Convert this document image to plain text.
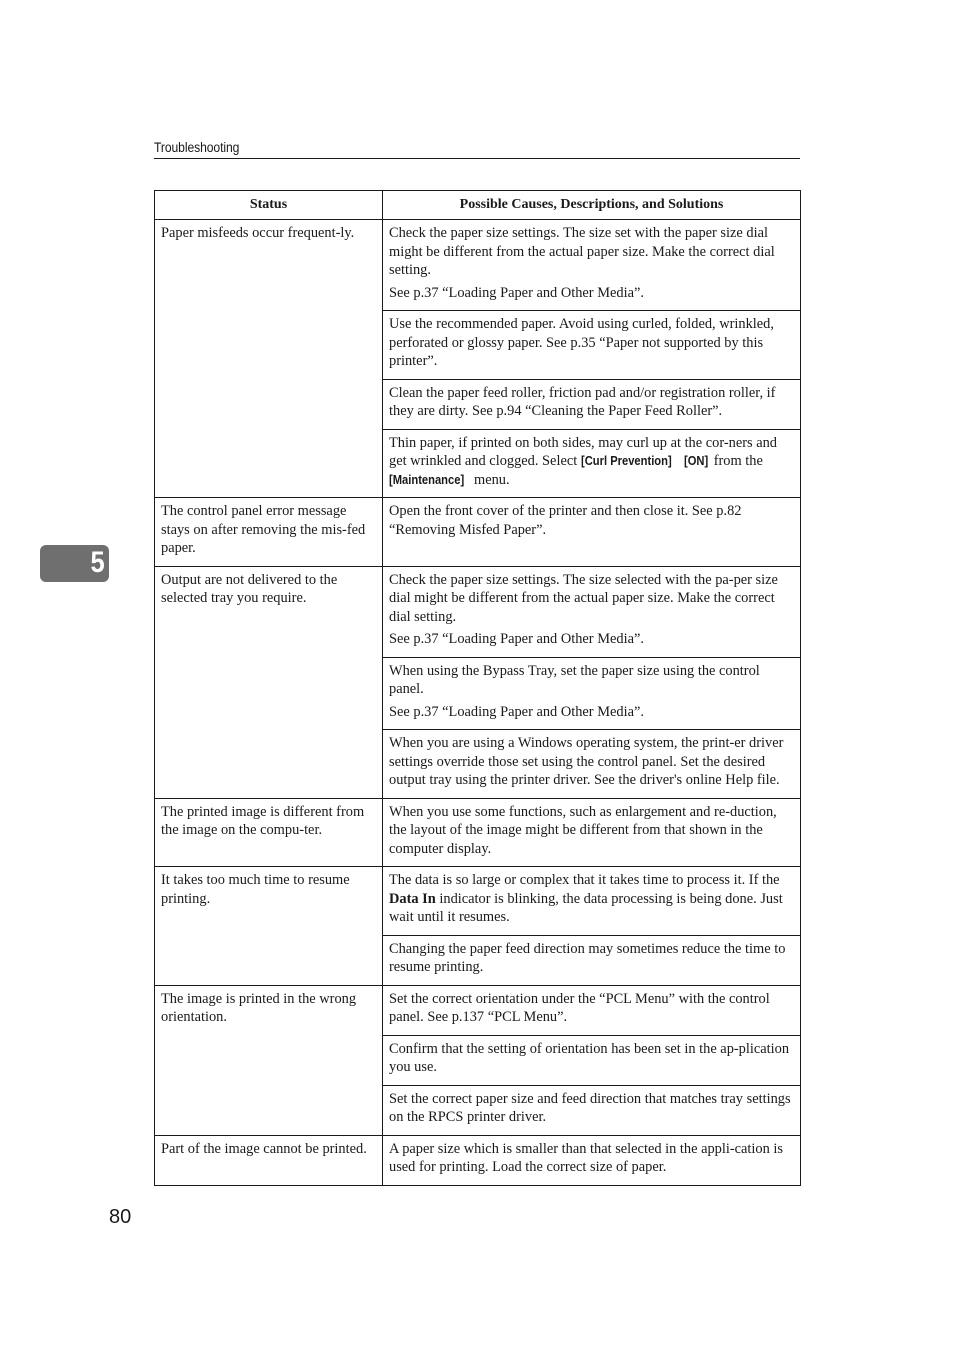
Troubleshooting
5
Status	Possible Causes, Descriptions, and Solutions

Paper misfeeds occur frequent-ly.	Check the paper size settings. The size set with the paper size dial might be different from the actual paper size. Make the correct dial setting.

See p.37 “Loading Paper and Other Media”.

	Use the recommended paper. Avoid using curled, folded, wrinkled, perforated or glossy paper. See p.35 “Paper not supported by this printer”.

	Clean the paper feed roller, friction pad and/or registration roller, if they are dirty. See p.94 “Cleaning the Paper Feed Roller”.

	Thin paper, if printed on both sides, may curl up at the cor-ners and get wrinkled and clogged. Select [Curl Prevention] [ON] from the [Maintenance] menu.

The control panel error message stays on after removing the mis-fed paper.	Open the front cover of the printer and then close it. See p.82 “Removing Misfed Paper”.

Output are not delivered to the selected tray you require.	Check the paper size settings. The size selected with the pa-per size dial might be different from the actual paper size. Make the correct dial setting.

See p.37 “Loading Paper and Other Media”.

	When using the Bypass Tray, set the paper size using the control panel.

See p.37 “Loading Paper and Other Media”.

	When you are using a Windows operating system, the print-er driver settings override those set using the control panel. Set the desired output tray using the printer driver. See the driver's online Help file.

The printed image is different from the image on the compu-ter.	When you use some functions, such as enlargement and re-duction, the layout of the image might be different from that shown in the computer display.

It takes too much time to resume printing.	The data is so large or complex that it takes time to process it. If the Data In indicator is blinking, the data processing is being done. Just wait until it resumes.

	Changing the paper feed direction may sometimes reduce the time to resume printing.

The image is printed in the wrong orientation.	Set the correct orientation under the “PCL Menu” with the control panel. See p.137 “PCL Menu”.

	Confirm that the setting of orientation has been set in the ap-plication you use.

	Set the correct paper size and feed direction that matches tray settings on the RPCS printer driver.

Part of the image cannot be printed.	A paper size which is smaller than that selected in the appli-cation is used for printing. Load the correct size of paper.

80
